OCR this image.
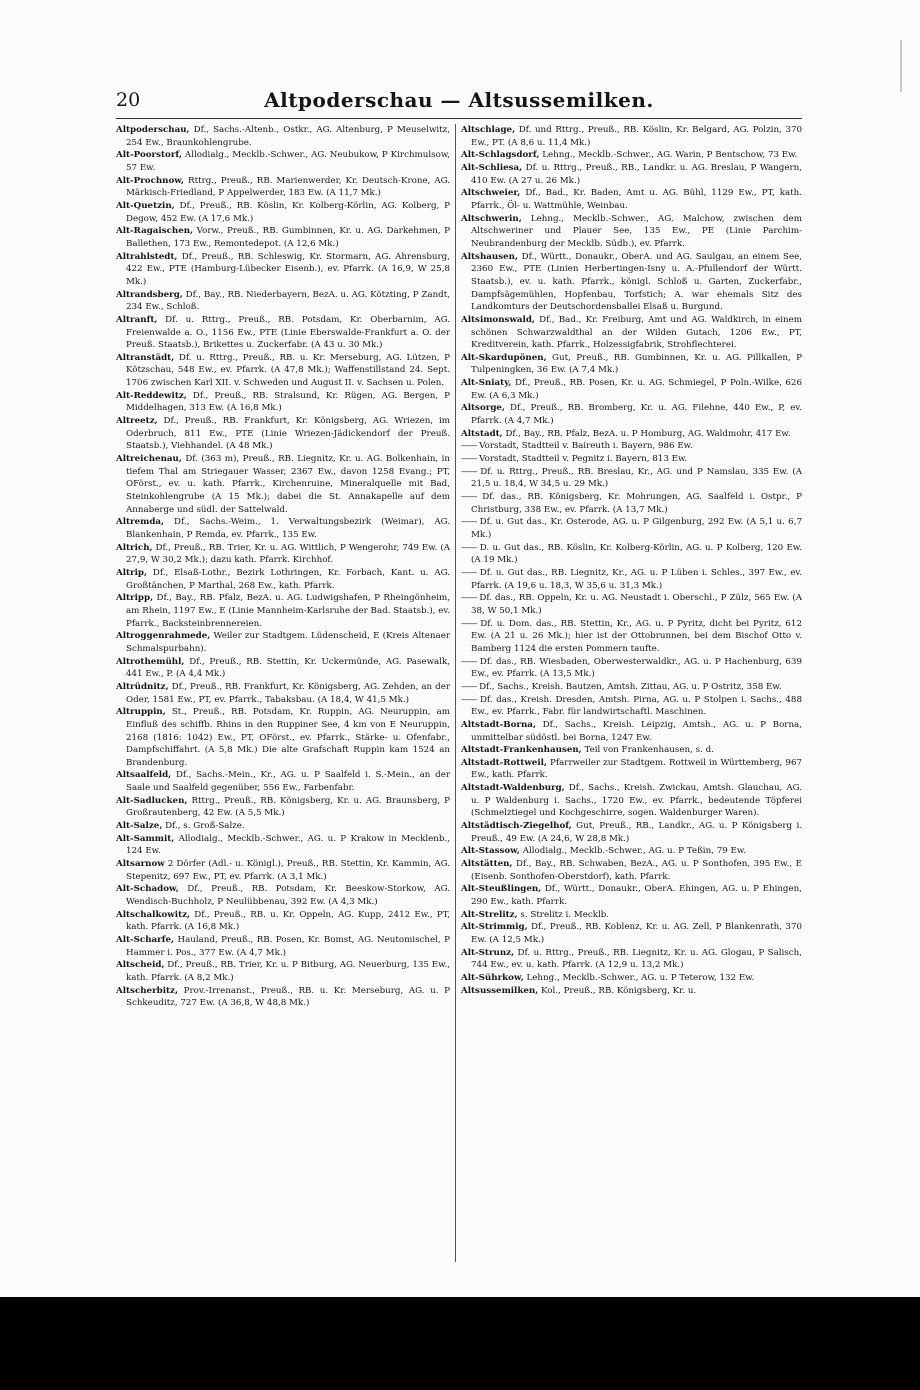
20	Altpoderschau — Altsussemilken.

Altpoderschau, Df., Sachs.-Altenb., Ostkr., AG. Altenburg, P Meuselwitz, 254 Ew., Braunkohlengrube.

Alt-Poorstorf, Allodialg., Mecklb.-Schwer., AG. Neubukow, P Kirchmulsow, 57 Ew.

Alt-Prochnow, Rttrg., Preuß., RB. Marienwerder, Kr. Deutsch-Krone, AG. Märkisch-Friedland, P Appelwerder, 183 Ew. (A 11,7 Mk.)

Alt-Quetzin, Df., Preuß., RB. Köslin, Kr. Kolberg-Körlin, AG. Kolberg, P Degow, 452 Ew. (A 17,6 Mk.)

Alt-Ragaischen, Vorw., Preuß., RB. Gumbinnen, Kr. u. AG. Darkehmen, P Ballethen, 173 Ew., Remontedepot. (A 12,6 Mk.)

Altrahlstedt, Df., Preuß., RB. Schleswig, Kr. Stormarn, AG. Ahrensburg, 422 Ew., PTE (Hamburg-Lübecker Eisenb.), ev. Pfarrk. (A 16,9, W 25,8 Mk.)

Altrandsberg, Df., Bay., RB. Niederbayern, BezA. u. AG. Kötzting, P Zandt, 234 Ew., Schloß.

Altranft, Df. u. Rttrg., Preuß., RB. Potsdam, Kr. Oberbarnim, AG. Freienwalde a. O., 1156 Ew., PTE (Linie Eberswalde-Frankfurt a. O. der Preuß. Staatsb.), Brikettes u. Zuckerfabr. (A 43 u. 30 Mk.)

Altranstädt, Df. u. Rttrg., Preuß., RB. u. Kr. Merseburg, AG. Lützen, P Kötzschau, 548 Ew., ev. Pfarrk. (A 47,8 Mk.); Waffenstillstand 24. Sept. 1706 zwischen Karl XII. v. Schweden und August II. v. Sachsen u. Polen.

Alt-Reddewitz, Df., Preuß., RB. Stralsund, Kr. Rügen, AG. Bergen, P Middelhagen, 313 Ew. (A 16,8 Mk.)

Altreetz, Df., Preuß., RB. Frankfurt, Kr. Königsberg, AG. Wriezen, im Oderbruch, 811 Ew., PTE (Linie Wriezen-Jädickendorf der Preuß. Staatsb.), Viehhandel. (A 48 Mk.)

Altreichenau, Df. (363 m), Preuß., RB. Liegnitz, Kr. u. AG. Bolkenhain, in tiefem Thal am Striegauer Wasser, 2367 Ew., davon 1258 Evang.; PT, OFörst., ev. u. kath. Pfarrk., Kirchenruine, Mineralquelle mit Bad, Steinkohlengrube (A 15 Mk.); dabei die St. Annakapelle auf dem Annaberge und südl. der Sattelwald.

Altremda, Df., Sachs.-Weim., 1. Verwaltungsbezirk (Weimar), AG. Blankenhain, P Remda, ev. Pfarrk., 135 Ew.

Altrich, Df., Preuß., RB. Trier, Kr. u. AG. Wittlich, P Wengerohr, 749 Ew. (A 27,9, W 30,2 Mk.); dazu kath. Pfarrk. Kirchhof.

Altrip, Df., Elsaß-Lothr., Bezirk Lothringen, Kr. Forbach, Kant. u. AG. Großtänchen, P Marthal, 268 Ew., kath. Pfarrk.

Altripp, Df., Bay., RB. Pfalz, BezA. u. AG. Ludwigshafen, P Rheingönheim, am Rhein, 1197 Ew., E (Linie Mannheim-Karlsruhe der Bad. Staatsb.), ev. Pfarrk., Backsteinbrennereien.

Altroggenrahmede, Weiler zur Stadtgem. Lüdenscheid, E (Kreis Altenaer Schmalspurbahn).

Altrothemühl, Df., Preuß., RB. Stettin, Kr. Uckermünde, AG. Pasewalk, 441 Ew., P. (A 4,4 Mk.)

Altrüdnitz, Df., Preuß., RB. Frankfurt, Kr. Königsberg, AG. Zehden, an der Oder, 1581 Ew., PT, ev. Pfarrk., Tabaksbau. (A 18,4, W 41,5 Mk.)

Altruppin, St., Preuß., RB. Potsdam, Kr. Ruppin, AG. Neuruppin, am Einfluß des schiffb. Rhins in den Ruppiner See, 4 km von E Neuruppin, 2168 (1816: 1042) Ew., PT, OFörst., ev. Pfarrk., Stärke- u. Ofenfabr., Dampfschiffahrt. (A 5,8 Mk.) Die alte Grafschaft Ruppin kam 1524 an Brandenburg.

Altsaalfeld, Df., Sachs.-Mein., Kr., AG. u. P Saalfeld i. S.-Mein., an der Saale und Saalfeld gegenüber, 556 Ew., Farbenfabr.

Alt-Sadlucken, Rttrg., Preuß., RB. Königsberg, Kr. u. AG. Braunsberg, P Großrautenberg, 42 Ew. (A 5,5 Mk.)

Alt-Salze, Df., s. Groß-Salze.

Alt-Sammit, Allodialg., Mecklb.-Schwer., AG. u. P Krakow in Mecklenb., 124 Ew.

Altsarnow 2 Dörfer (Adl.- u. Königl.), Preuß., RB. Stettin, Kr. Kammin, AG. Stepenitz, 697 Ew., PT, ev. Pfarrk. (A 3,1 Mk.)

Alt-Schadow, Df., Preuß., RB. Potsdam, Kr. Beeskow-Storkow, AG. Wendisch-Buchholz, P Neulübbenau, 392 Ew. (A 4,3 Mk.)

Altschalkowitz, Df., Preuß., RB. u. Kr. Oppeln, AG. Kupp, 2412 Ew., PT, kath. Pfarrk. (A 16,8 Mk.)

Alt-Scharfe, Hauland, Preuß., RB. Posen, Kr. Bomst, AG. Neutomischel, P Hammer i. Pos., 377 Ew. (A 4,7 Mk.)

Altscheid, Df., Preuß., RB. Trier, Kr. u. P Bitburg, AG. Neuerburg, 135 Ew., kath. Pfarrk. (A 8,2 Mk.)

Altscherbitz, Prov.-Irrenanst., Preuß., RB. u. Kr. Merseburg, AG. u. P Schkeuditz, 727 Ew. (A 36,8, W 48,8 Mk.)

Altschlage, Df. und Rttrg., Preuß., RB. Köslin, Kr. Belgard, AG. Polzin, 370 Ew., PT. (A 8,6 u. 11,4 Mk.)

Alt-Schlagsdorf, Lehng., Mecklb.-Schwer., AG. Warin, P Bentschow, 73 Ew.

Alt-Schliesa, Df. u. Rttrg., Preuß., RB., Landkr. u. AG. Breslau, P Wangern, 410 Ew. (A 27 u. 26 Mk.)

Altschweier, Df., Bad., Kr. Baden, Amt u. AG. Bühl, 1129 Ew., PT, kath. Pfarrk., Öl- u. Wattmühle, Weinbau.

Altschwerin, Lehng., Mecklb.-Schwer., AG. Malchow, zwischen dem Altschweriner und Plauer See, 135 Ew., PE (Linie Parchim-Neubrandenburg der Mecklb. Südb.), ev. Pfarrk.

Altshausen, Df., Württ., Donaukr., OberA. und AG. Saulgau, an einem See, 2360 Ew., PTE (Linien Herbertingen-Isny u. A.-Pfullendorf der Württ. Staatsb.), ev. u. kath. Pfarrk., königl. Schloß u. Garten, Zuckerfabr., Dampfsägemühlen, Hopfenbau, Torfstich; A. war ehemals Sitz des Landkomturs der Deutschordensballei Elsaß u. Burgund.

Altsimonswald, Df., Bad., Kr. Freiburg, Amt und AG. Waldkirch, in einem schönen Schwarzwaldthal an der Wilden Gutach, 1206 Ew., PT, Kreditverein, kath. Pfarrk., Holzessigfabrik, Strohflechterei.

Alt-Skardupönen, Gut, Preuß., RB. Gumbinnen, Kr. u. AG. Pillkallen, P Tulpeningken, 36 Ew. (A 7,4 Mk.)

Alt-Sniaty, Df., Preuß., RB. Posen, Kr. u. AG. Schmiegel, P Poln.-Wilke, 626 Ew. (A 6,3 Mk.)

Altsorge, Df., Preuß., RB. Bromberg, Kr. u. AG. Filehne, 440 Ew., P, ev. Pfarrk. (A 4,7 Mk.)

Altstadt, Df., Bay., RB. Pfalz, BezA. u. P Homburg, AG. Waldmohr, 417 Ew.

—— Vorstadt, Stadtteil v. Baireuth i. Bayern, 986 Ew.

—— Vorstadt, Stadtteil v. Pegnitz i. Bayern, 813 Ew.

—— Df. u. Rttrg., Preuß., RB. Breslau, Kr., AG. und P Namslau, 335 Ew. (A 21,5 u. 18,4, W 34,5 u. 29 Mk.)

—— Df. das., RB. Königsberg, Kr. Mohrungen, AG. Saalfeld i. Ostpr., P Christburg, 338 Ew., ev. Pfarrk. (A 13,7 Mk.)

—— Df. u. Gut das., Kr. Osterode, AG. u. P Gilgenburg, 292 Ew. (A 5,1 u. 6,7 Mk.)

—— D. u. Gut das., RB. Köslin, Kr. Kolberg-Körlin, AG. u. P Kolberg, 120 Ew. (A 19 Mk.)

—— Df. u. Gut das., RB. Liegnitz, Kr., AG. u. P Lüben i. Schles., 397 Ew., ev. Pfarrk. (A 19,6 u. 18,3, W 35,6 u. 31,3 Mk.)

—— Df. das., RB. Oppeln, Kr. u. AG. Neustadt i. Oberschl., P Zülz, 565 Ew. (A 38, W 50,1 Mk.)

—— Df. u. Dom. das., RB. Stettin, Kr., AG. u. P Pyritz, dicht bei Pyritz, 612 Ew. (A 21 u. 26 Mk.); hier ist der Ottobrunnen, bei dem Bischof Otto v. Bamberg 1124 die ersten Pommern taufte.

—— Df. das., RB. Wiesbaden, Oberwesterwaldkr., AG. u. P Hachenburg, 639 Ew., ev. Pfarrk. (A 13,5 Mk.)

—— Df., Sachs., Kreish. Bautzen, Amtsh. Zittau, AG. u. P Ostritz, 358 Ew.

—— Df. das., Kreish. Dresden, Amtsh. Pirna, AG. u. P Stolpen i. Sachs., 488 Ew., ev. Pfarrk., Fabr. für landwirtschaftl. Maschinen.

Altstadt-Borna, Df., Sachs., Kreish. Leipzig, Amtsh., AG. u. P Borna, unmittelbar südöstl. bei Borna, 1247 Ew.

Altstadt-Frankenhausen, Teil von Frankenhausen, s. d.

Altstadt-Rottweil, Pfarrweiler zur Stadtgem. Rottweil in Württemberg, 967 Ew., kath. Pfarrk.

Altstadt-Waldenburg, Df., Sachs., Kreish. Zwickau, Amtsh. Glauchau, AG. u. P Waldenburg i. Sachs., 1720 Ew., ev. Pfarrk., bedeutende Töpferei (Schmelztiegel und Kochgeschirre, sogen. Waldenburger Waren).

Altstädtisch-Ziegelhof, Gut, Preuß., RB., Landkr., AG. u. P Königsberg i. Preuß., 49 Ew. (A 24,6, W 28,8 Mk.)

Alt-Stassow, Allodialg., Mecklb.-Schwer., AG. u. P Teßin, 79 Ew.

Altstätten, Df., Bay., RB. Schwaben, BezA., AG. u. P Sonthofen, 395 Ew., E (Eisenb. Sonthofen-Oberstdorf), kath. Pfarrk.

Alt-Steußlingen, Df., Württ., Donaukr., OberA. Ehingen, AG. u. P Ehingen, 290 Ew., kath. Pfarrk.

Alt-Strelitz, s. Strelitz i. Mecklb.

Alt-Strimmig, Df., Preuß., RB. Koblenz, Kr. u. AG. Zell, P Blankenrath, 370 Ew. (A 12,5 Mk.)

Alt-Strunz, Df. u. Rttrg., Preuß., RB. Liegnitz, Kr. u. AG. Glogau, P Salisch, 744 Ew., ev. u. kath. Pfarrk. (A 12,9 u. 13,2 Mk.)

Alt-Sührkow, Lehng., Mecklb.-Schwer., AG. u. P Teterow, 132 Ew.

Altsussemilken, Kol., Preuß., RB. Königsberg, Kr. u.
